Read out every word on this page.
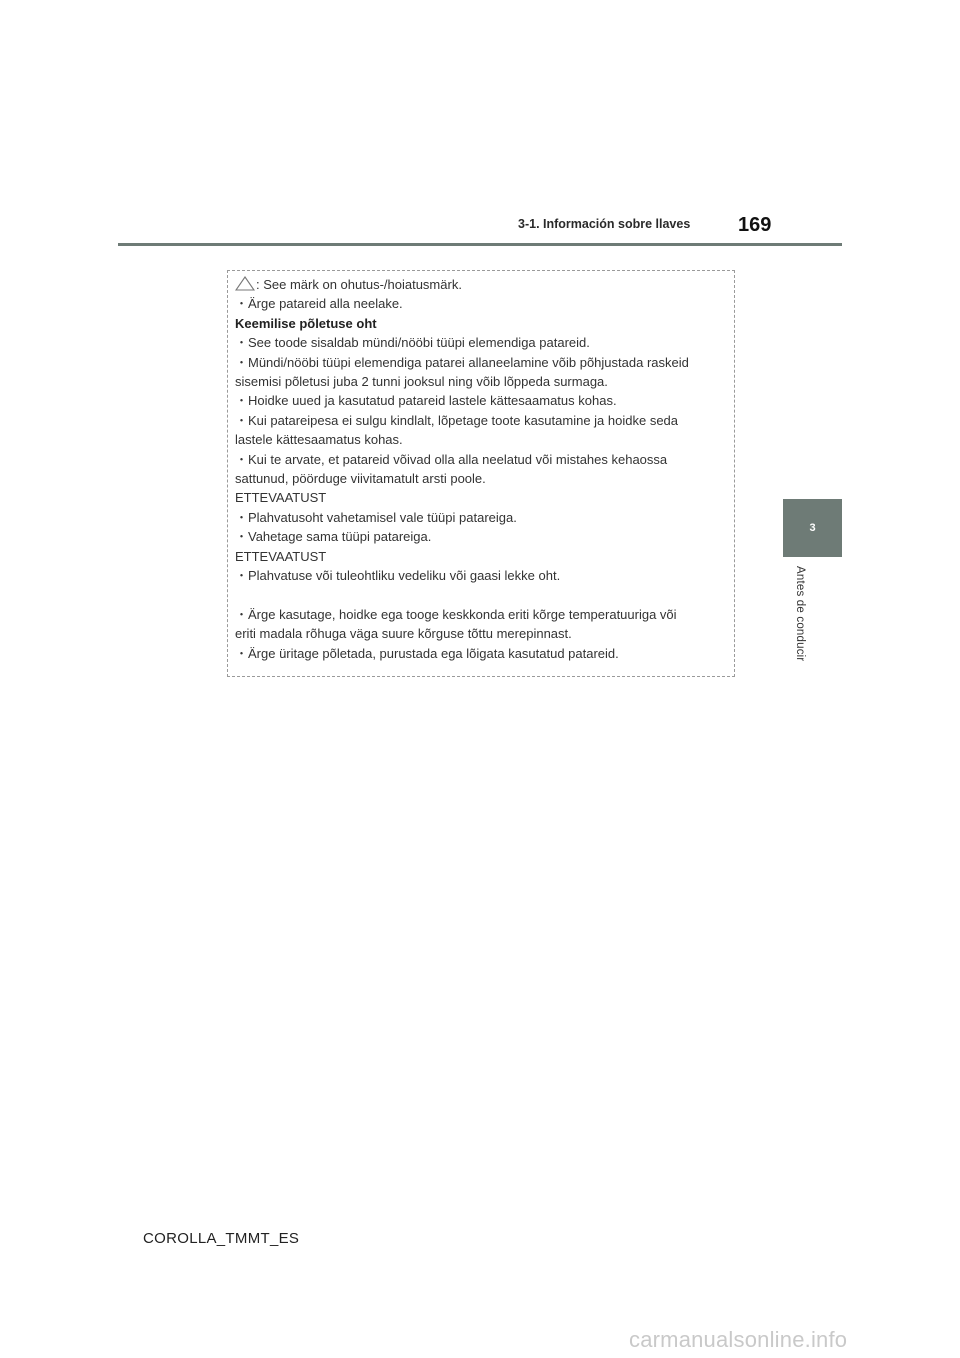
3-1. Información sobre llaves 169
3
Antes de conducir
: See märk on ohutus-/hoiatusmärk.
・Ärge patareid alla neelake.
Keemilise põletuse oht
・See toode sisaldab mündi/nööbi tüüpi elemendiga patareid.
・Mündi/nööbi tüüpi elemendiga patarei allaneelamine võib põhjustada raskeid
sisemisi põletusi juba 2 tunni jooksul ning võib lõppeda surmaga.
・Hoidke uued ja kasutatud patareid lastele kättesaamatus kohas.
・Kui patareipesa ei sulgu kindlalt, lõpetage toote kasutamine ja hoidke seda
lastele kättesaamatus kohas.
・Kui te arvate, et patareid võivad olla alla neelatud või mistahes kehaossa
sattunud, pöörduge viivitamatult arsti poole.
ETTEVAATUST
・Plahvatusoht vahetamisel vale tüüpi patareiga.
・Vahetage sama tüüpi patareiga.
ETTEVAATUST
・Plahvatuse või tuleohtliku vedeliku või gaasi lekke oht.
・Ärge kasutage, hoidke ega tooge keskkonda eriti kõrge temperatuuriga või
eriti madala rõhuga väga suure kõrguse tõttu merepinnast.
・Ärge üritage põletada, purustada ega lõigata kasutatud patareid.
COROLLA_TMMT_ES
carmanualsonline.info
